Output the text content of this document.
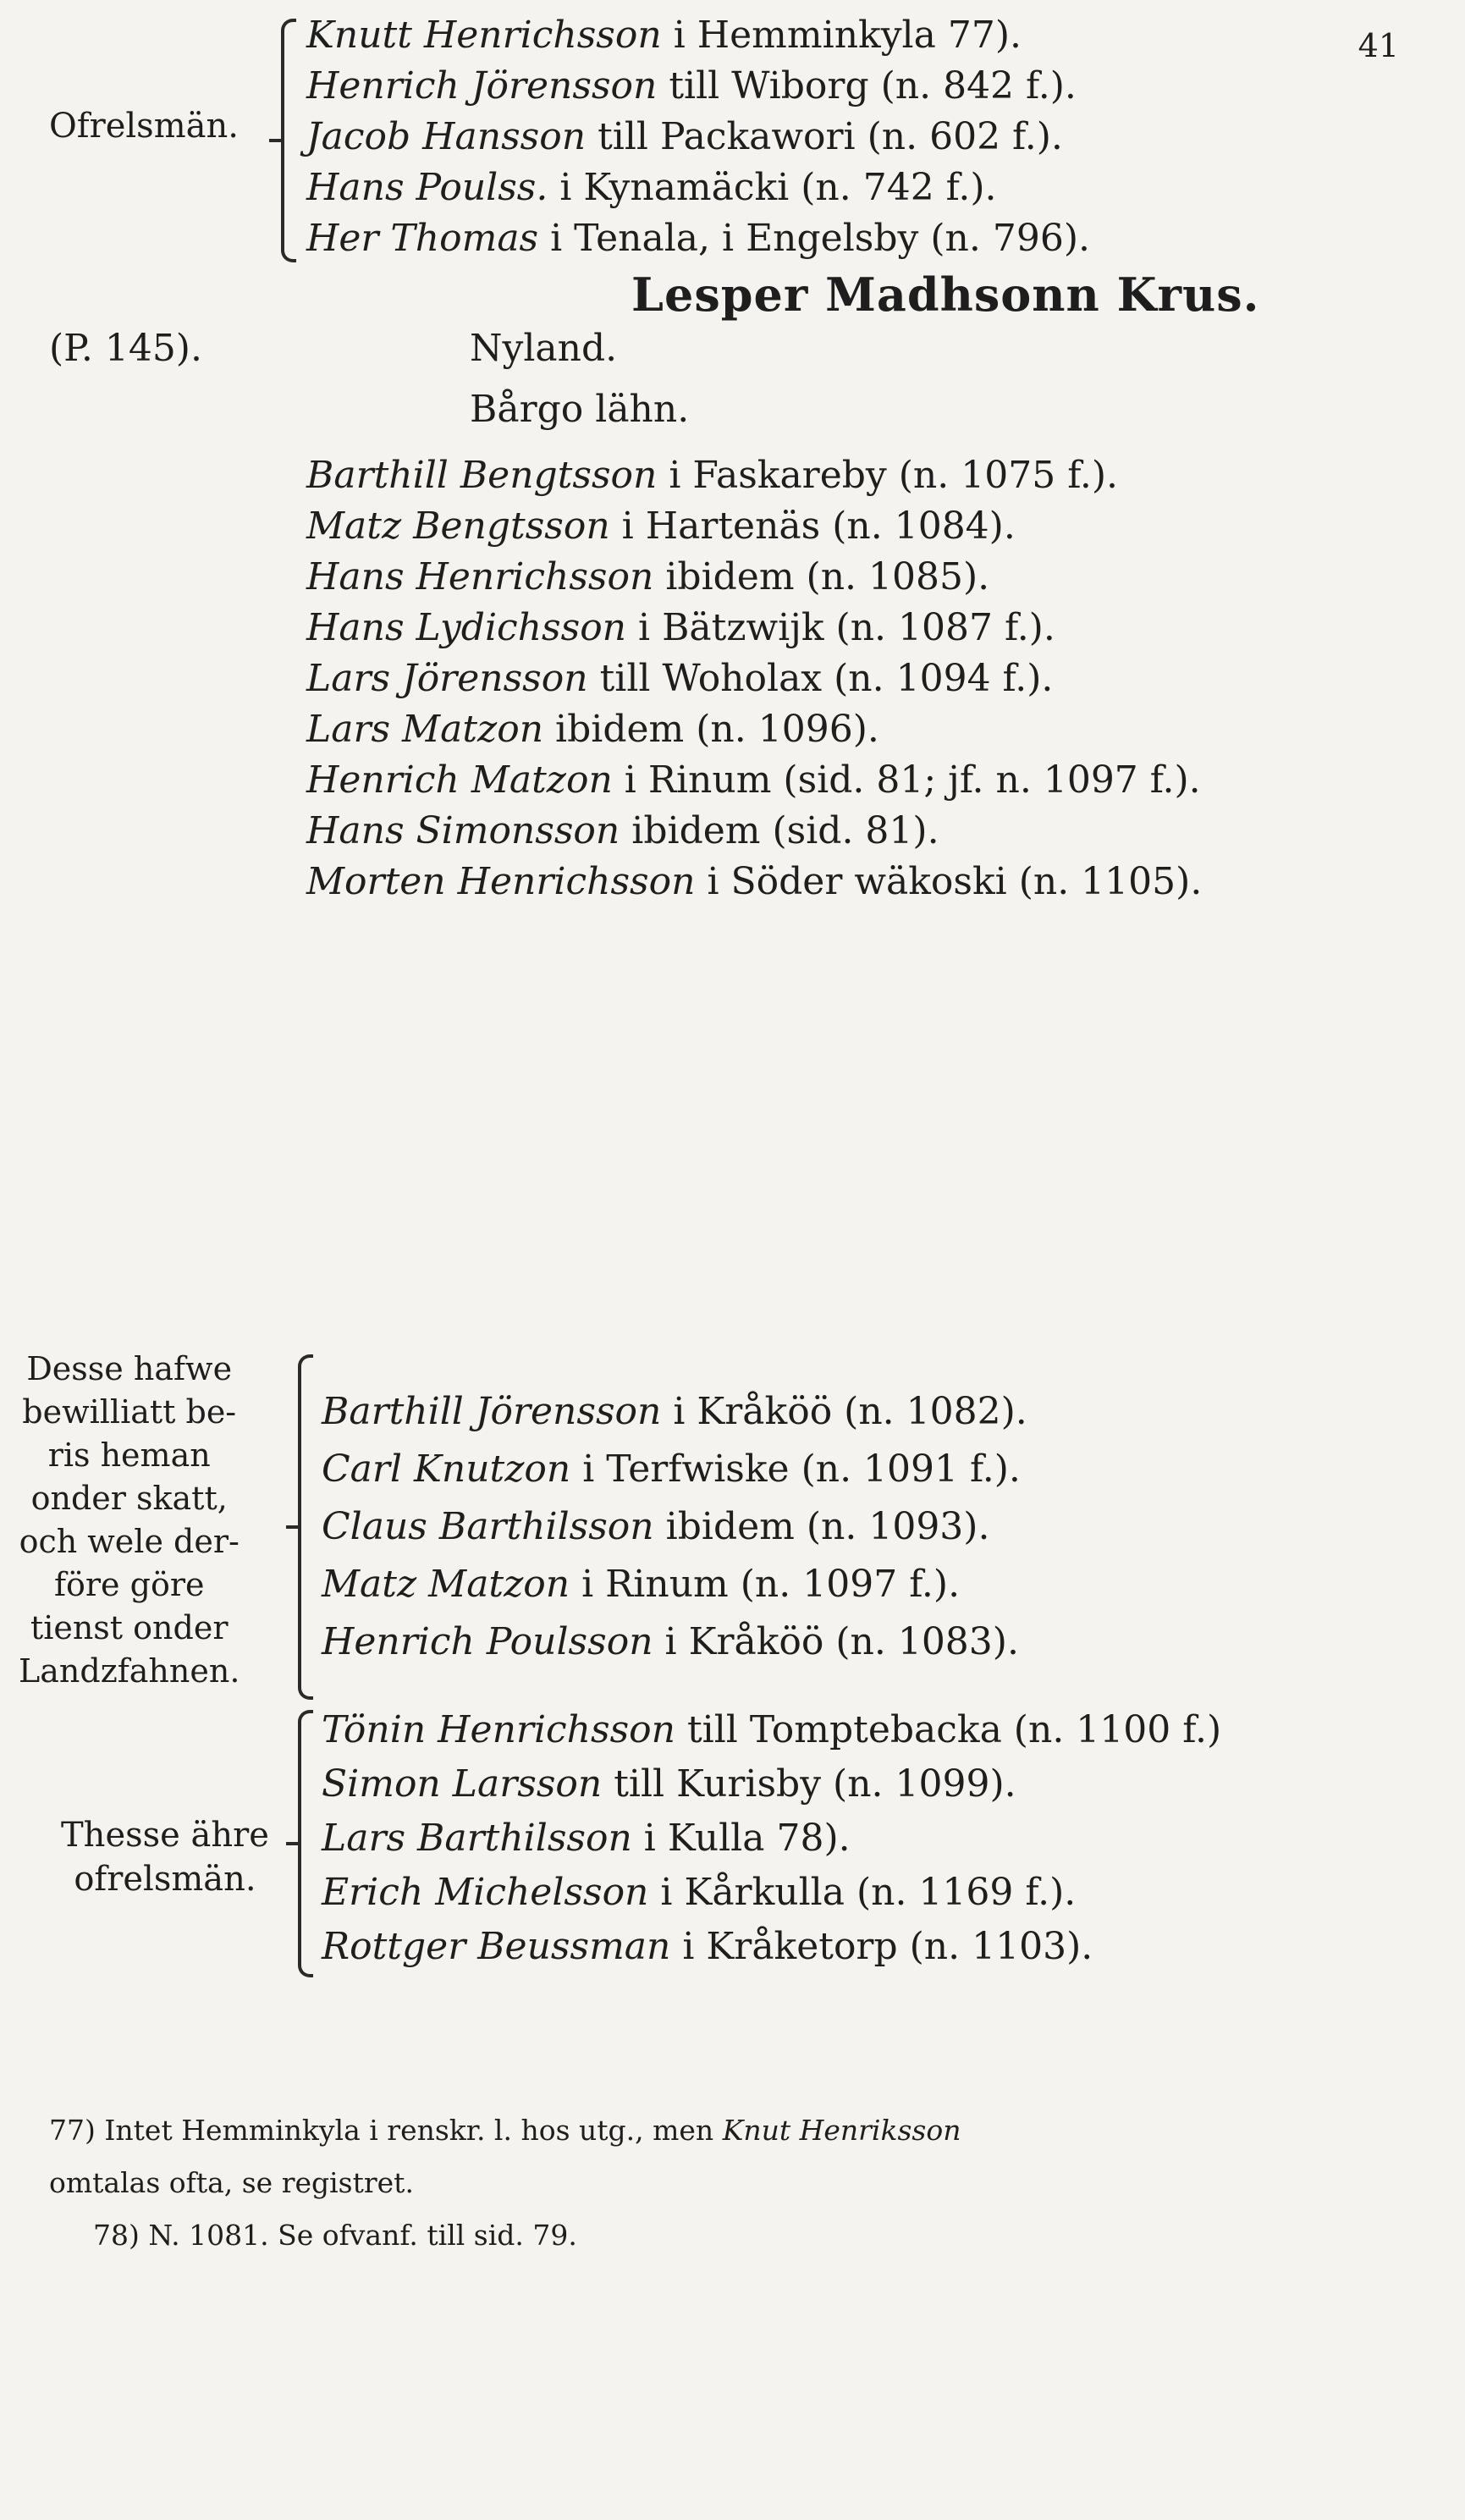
41
Ofrelsmän.
Knutt Henrichsson i Hemminkyla 77).
Henrich Jörensson till Wiborg (n. 842 f.).
Jacob Hansson till Packawori (n. 602 f.).
Hans Poulss. i Kynamäcki (n. 742 f.).
Her Thomas i Tenala, i Engelsby (n. 796).
Lesper Madhsonn Krus.
(P. 145).	Nyland.
Bårgo lähn.
Barthill Bengtsson i Faskareby (n. 1075 f.).
Matz Bengtsson i Hartenäs (n. 1084).
Hans Henrichsson ibidem (n. 1085).
Hans Lydichsson i Bätzwijk (n. 1087 f.).
Lars Jörensson till Woholax (n. 1094 f.).
Lars Matzon ibidem (n. 1096).
Henrich Matzon i Rinum (sid. 81; jf. n. 1097 f.).
Hans Simonsson ibidem (sid. 81).
Morten Henrichsson i Söder wäkoski (n. 1105).
Desse hafwe
bewilliatt be-
ris heman
onder skatt,
och wele der-
före göre
tienst onder
Landzfahnen.
Barthill Jörensson i Kråköö (n. 1082).
Carl Knutzon i Terfwiske (n. 1091 f.).
Claus Barthilsson ibidem (n. 1093).
Matz Matzon i Rinum (n. 1097 f.).
Henrich Poulsson i Kråköö (n. 1083).
Thesse ähre
ofrelsmän.
Tönin Henrichsson till Tomptebacka (n. 1100 f.)
Simon Larsson till Kurisby (n. 1099).
Lars Barthilsson i Kulla 78).
Erich Michelsson i Kårkulla (n. 1169 f.).
Rottger Beussman i Kråketorp (n. 1103).
77) Intet Hemminkyla i renskr. l. hos utg., men Knut Henriksson
omtalas ofta, se registret.
78) N. 1081. Se ofvanf. till sid. 79.
